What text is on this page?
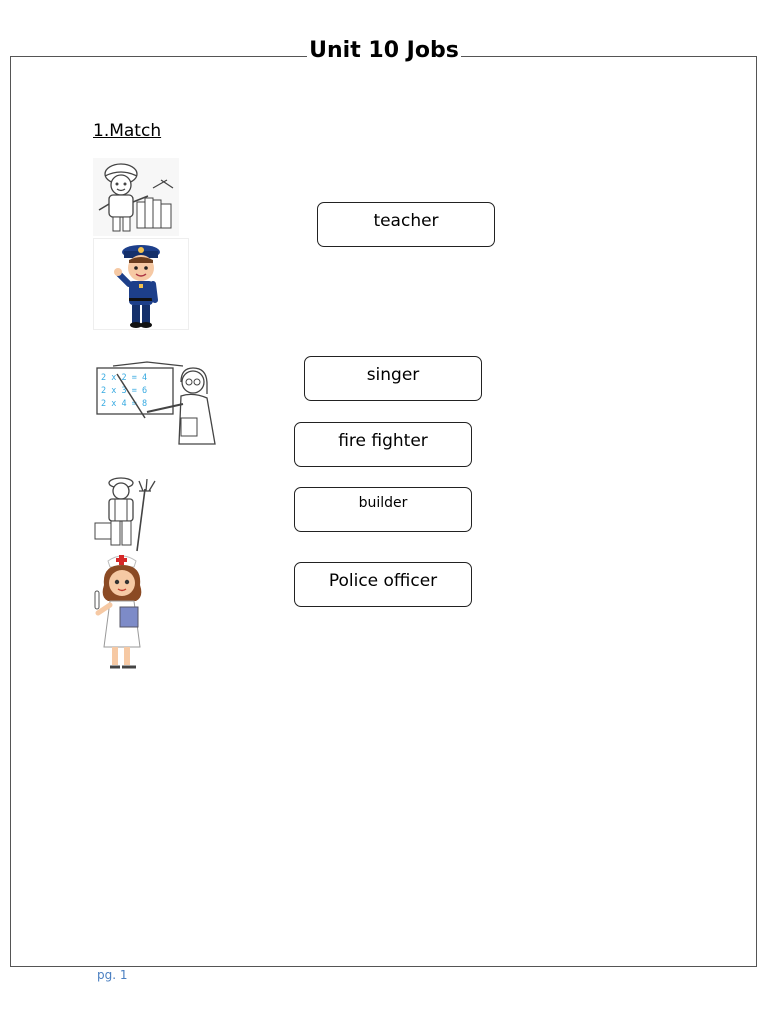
Unit 10 Jobs
1.Match
2 x 2 = 4
2 x 3 = 6
2 x 4 = 8
teacher
singer
fire fighter
builder
Police officer
pg. 1
